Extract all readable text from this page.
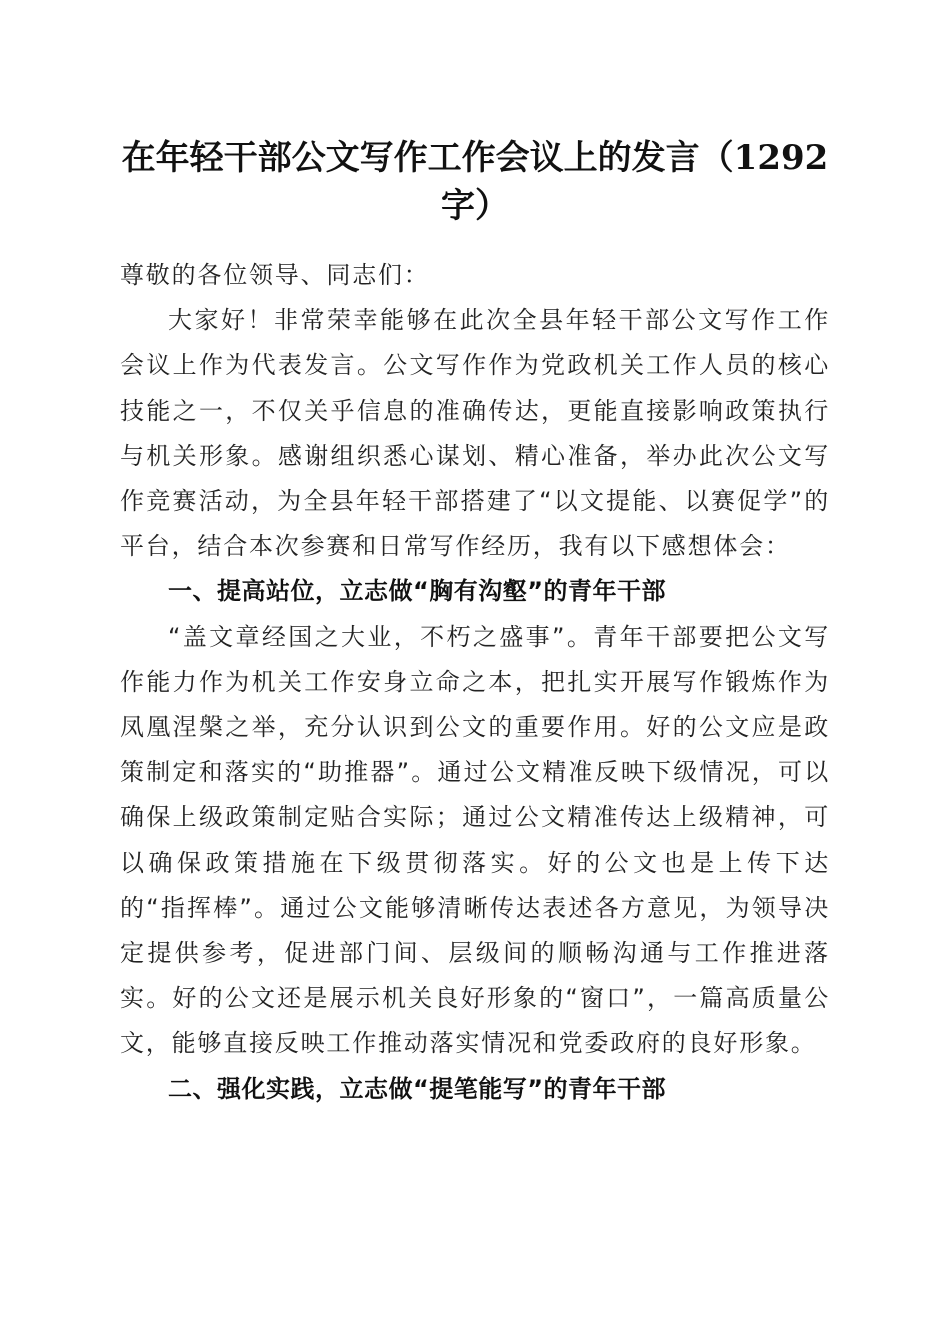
在年轻干部公文写作工作会议上的发言（1292字）

尊敬的各位领导、同志们：

大家好！非常荣幸能够在此次全县年轻干部公文写作工作会议上作为代表发言。公文写作作为党政机关工作人员的核心技能之一，不仅关乎信息的准确传达，更能直接影响政策执行与机关形象。感谢组织悉心谋划、精心准备，举办此次公文写作竞赛活动，为全县年轻干部搭建了“以文提能、以赛促学”的平台，结合本次参赛和日常写作经历，我有以下感想体会：

一、提高站位，立志做“胸有沟壑”的青年干部

“盖文章经国之大业，不朽之盛事”。青年干部要把公文写作能力作为机关工作安身立命之本，把扎实开展写作锻炼作为凤凰涅槃之举，充分认识到公文的重要作用。好的公文应是政策制定和落实的“助推器”。通过公文精准反映下级情况，可以确保上级政策制定贴合实际；通过公文精准传达上级精神，可以确保政策措施在下级贯彻落实。好的公文也是上传下达的“指挥棒”。通过公文能够清晰传达表述各方意见，为领导决定提供参考，促进部门间、层级间的顺畅沟通与工作推进落实。好的公文还是展示机关良好形象的“窗口”，一篇高质量公文，能够直接反映工作推动落实情况和党委政府的良好形象。

二、强化实践，立志做“提笔能写”的青年干部
